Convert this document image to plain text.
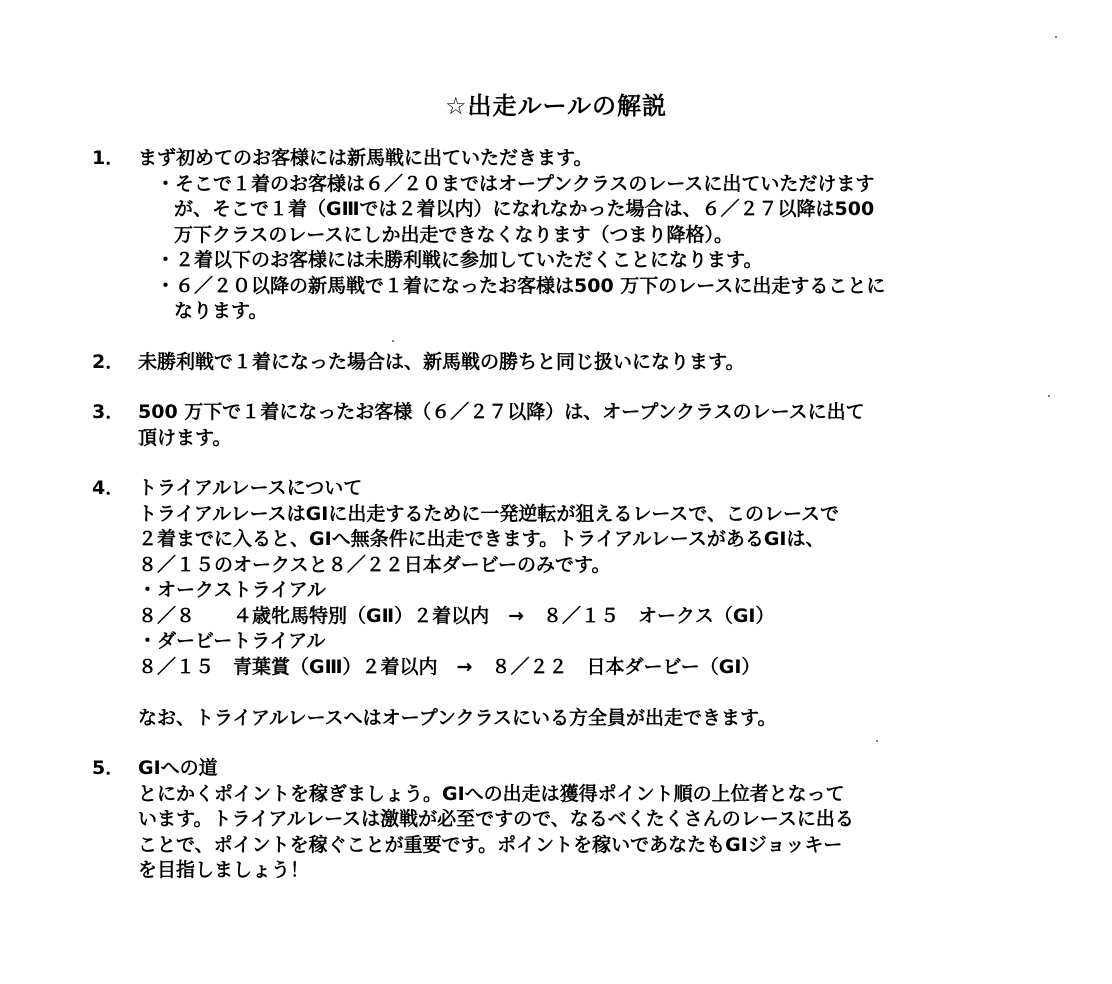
☆出走ルールの解説
1． まず初めてのお客様には新馬戦に出ていただきます。
・そこで１着のお客様は６／２０まではオープンクラスのレースに出ていただけます
が、そこで１着（GⅢでは２着以内）になれなかった場合は、６／２７以降は500
万下クラスのレースにしか出走できなくなります（つまり降格）。
・２着以下のお客様には未勝利戦に参加していただくことになります。
・６／２０以降の新馬戦で１着になったお客様は500 万下のレースに出走することに
なります。
2． 未勝利戦で１着になった場合は、新馬戦の勝ちと同じ扱いになります。
3． 500 万下で１着になったお客様（６／２７以降）は、オープンクラスのレースに出て
頂けます。
4． トライアルレースについて
トライアルレースはGⅠに出走するために一発逆転が狙えるレースで、このレースで
２着までに入ると、GⅠへ無条件に出走できます。トライアルレースがあるGⅠは、
８／１５のオークスと８／２２日本ダービーのみです。
・オークストライアル
８／８　　４歳牝馬特別（GⅡ）２着以内　→　８／１５　オークス（GⅠ）
・ダービートライアル
８／１５　青葉賞（GⅢ）２着以内　→　８／２２　日本ダービー（GⅠ）
なお、トライアルレースへはオープンクラスにいる方全員が出走できます。
5． GⅠへの道
とにかくポイントを稼ぎましょう。GⅠへの出走は獲得ポイント順の上位者となって
います。トライアルレースは激戦が必至ですので、なるべくたくさんのレースに出る
ことで、ポイントを稼ぐことが重要です。ポイントを稼いであなたもGⅠジョッキー
を目指しましょう！
